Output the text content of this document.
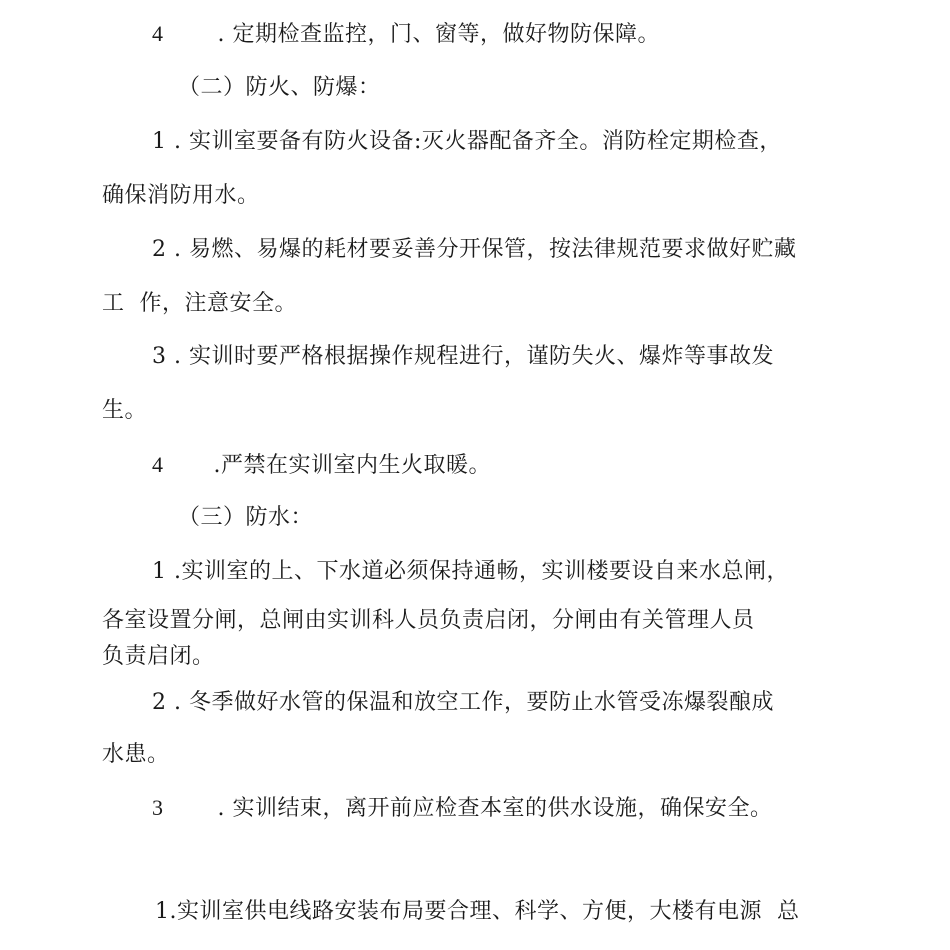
4 . 定期检查监控，门、窗等，做好物防保障。
（二）防火、防爆：
1 . 实训室要备有防火设备:灭火器配备齐全。消防栓定期检查，
确保消防用水。
2 . 易燃、易爆的耗材要妥善分开保管，按法律规范要求做好贮藏
工  作，注意安全。
3 . 实训时要严格根据操作规程进行，谨防失火、爆炸等事故发
生。
4 .严禁在实训室内生火取暖。
（三）防水：
1 .实训室的上、下水道必须保持通畅，实训楼要设自来水总闸，
各室设置分闸，总闸由实训科人员负责启闭，分闸由有关管理人员
负责启闭。
2 . 冬季做好水管的保温和放空工作，要防止水管受冻爆裂酿成
水患。
3 . 实训结束，离开前应检查本室的供水设施，确保安全。
1.实训室供电线路安装布局要合理、科学、方便，大楼有电源  总
